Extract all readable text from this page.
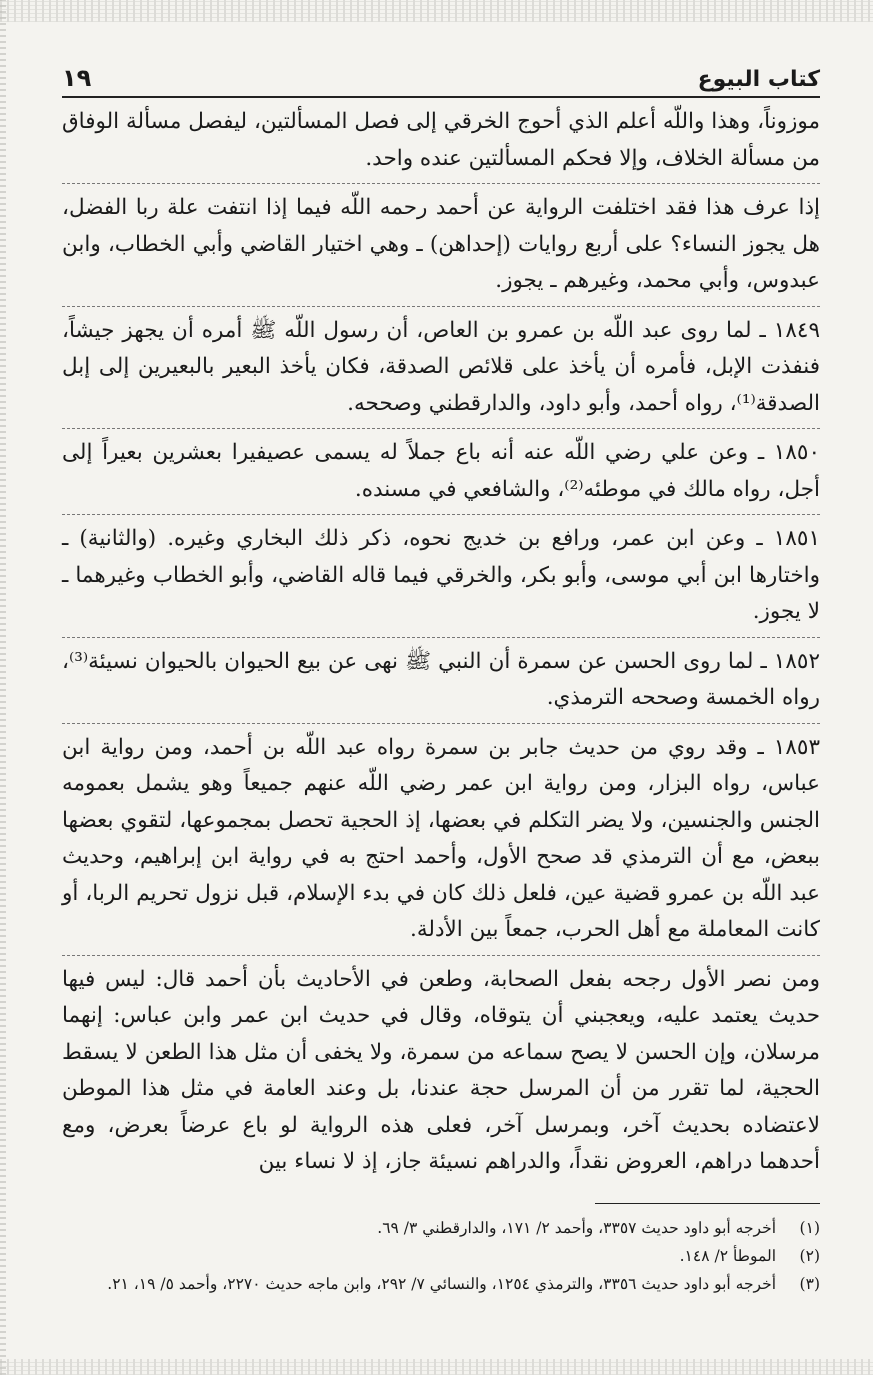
كتاب البيوع
١٩

موزوناً، وهذا واللّه أعلم الذي أحوج الخرقي إلى فصل المسألتين، ليفصل مسألة الوفاق من مسألة الخلاف، وإلا فحكم المسألتين عنده واحد.

إذا عرف هذا فقد اختلفت الرواية عن أحمد رحمه اللّه فيما إذا انتفت علة ربا الفضل، هل يجوز النساء؟ على أربع روايات (إحداهن) ـ وهي اختيار القاضي وأبي الخطاب، وابن عبدوس، وأبي محمد، وغيرهم ـ يجوز.

١٨٤٩ ـ لما روى عبد اللّه بن عمرو بن العاص، أن رسول اللّه ﷺ أمره أن يجهز جيشاً، فنفذت الإبل، فأمره أن يأخذ على قلائص الصدقة، فكان يأخذ البعير بالبعيرين إلى إبل الصدقة⁽¹⁾، رواه أحمد، وأبو داود، والدارقطني وصححه.

١٨٥٠ ـ وعن علي رضي اللّه عنه أنه باع جملاً له يسمى عصيفيرا بعشرين بعيراً إلى أجل، رواه مالك في موطئه⁽²⁾، والشافعي في مسنده.

١٨٥١ ـ وعن ابن عمر، ورافع بن خديج نحوه، ذكر ذلك البخاري وغيره. (والثانية) ـ واختارها ابن أبي موسى، وأبو بكر، والخرقي فيما قاله القاضي، وأبو الخطاب وغيرهما ـ لا يجوز.

١٨٥٢ ـ لما روى الحسن عن سمرة أن النبي ﷺ نهى عن بيع الحيوان بالحيوان نسيئة⁽³⁾، رواه الخمسة وصححه الترمذي.

١٨٥٣ ـ وقد روي من حديث جابر بن سمرة رواه عبد اللّه بن أحمد، ومن رواية ابن عباس، رواه البزار، ومن رواية ابن عمر رضي اللّه عنهم جميعاً وهو يشمل بعمومه الجنس والجنسين، ولا يضر التكلم في بعضها، إذ الحجية تحصل بمجموعها، لتقوي بعضها ببعض، مع أن الترمذي قد صحح الأول، وأحمد احتج به في رواية ابن إبراهيم، وحديث عبد اللّه بن عمرو قضية عين، فلعل ذلك كان في بدء الإسلام، قبل نزول تحريم الربا، أو كانت المعاملة مع أهل الحرب، جمعاً بين الأدلة.

ومن نصر الأول رجحه بفعل الصحابة، وطعن في الأحاديث بأن أحمد قال: ليس فيها حديث يعتمد عليه، ويعجبني أن يتوقاه، وقال في حديث ابن عمر وابن عباس: إنهما مرسلان، وإن الحسن لا يصح سماعه من سمرة، ولا يخفى أن مثل هذا الطعن لا يسقط الحجية، لما تقرر من أن المرسل حجة عندنا، بل وعند العامة في مثل هذا الموطن لاعتضاده بحديث آخر، وبمرسل آخر، فعلى هذه الرواية لو باع عرضاً بعرض، ومع أحدهما دراهم، العروض نقداً، والدراهم نسيئة جاز، إذ لا نساء بين

(١)
أخرجه أبو داود حديث ٣٣٥٧، وأحمد ٢/ ١٧١، والدارقطني ٣/ ٦٩.
(٢)
الموطأ ٢/ ١٤٨.
(٣)
أخرجه أبو داود حديث ٣٣٥٦، والترمذي ١٢٥٤، والنسائي ٧/ ٢٩٢، وابن ماجه حديث ٢٢٧٠، وأحمد ٥/ ١٩، ٢١.
